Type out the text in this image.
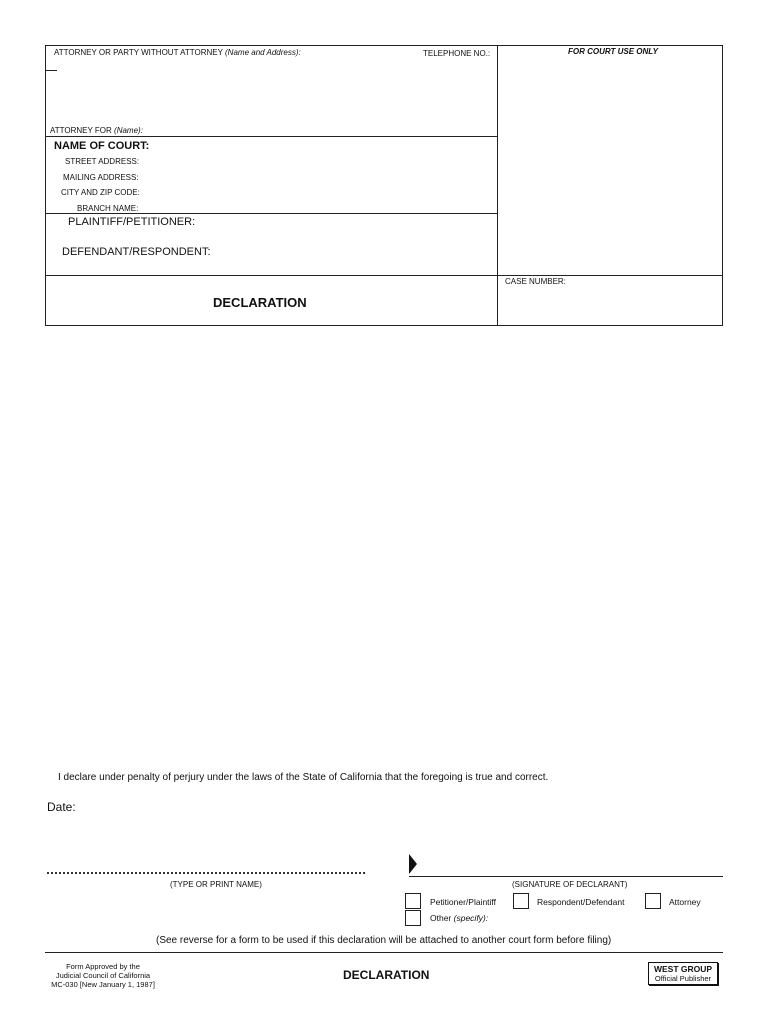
ATTORNEY OR PARTY WITHOUT ATTORNEY (Name and Address):	TELEPHONE NO.:	FOR COURT USE ONLY
ATTORNEY FOR (Name):
NAME OF COURT:
STREET ADDRESS:
MAILING ADDRESS:
CITY AND ZIP CODE:
BRANCH NAME:
PLAINTIFF/PETITIONER:
DEFENDANT/RESPONDENT:
CASE NUMBER:
DECLARATION
I declare under penalty of perjury under the laws of the State of California that the foregoing is true and correct.
Date:
(TYPE OR PRINT NAME)	(SIGNATURE OF DECLARANT)
Petitioner/Plaintiff	Respondent/Defendant	Attorney
Other (specify):
(See reverse for a form to be used if this declaration will be attached to another court form before filing)
Form Approved by the
Judicial Council of California
MC-030 [New January 1, 1987]
DECLARATION	WEST GROUP
Official Publisher
